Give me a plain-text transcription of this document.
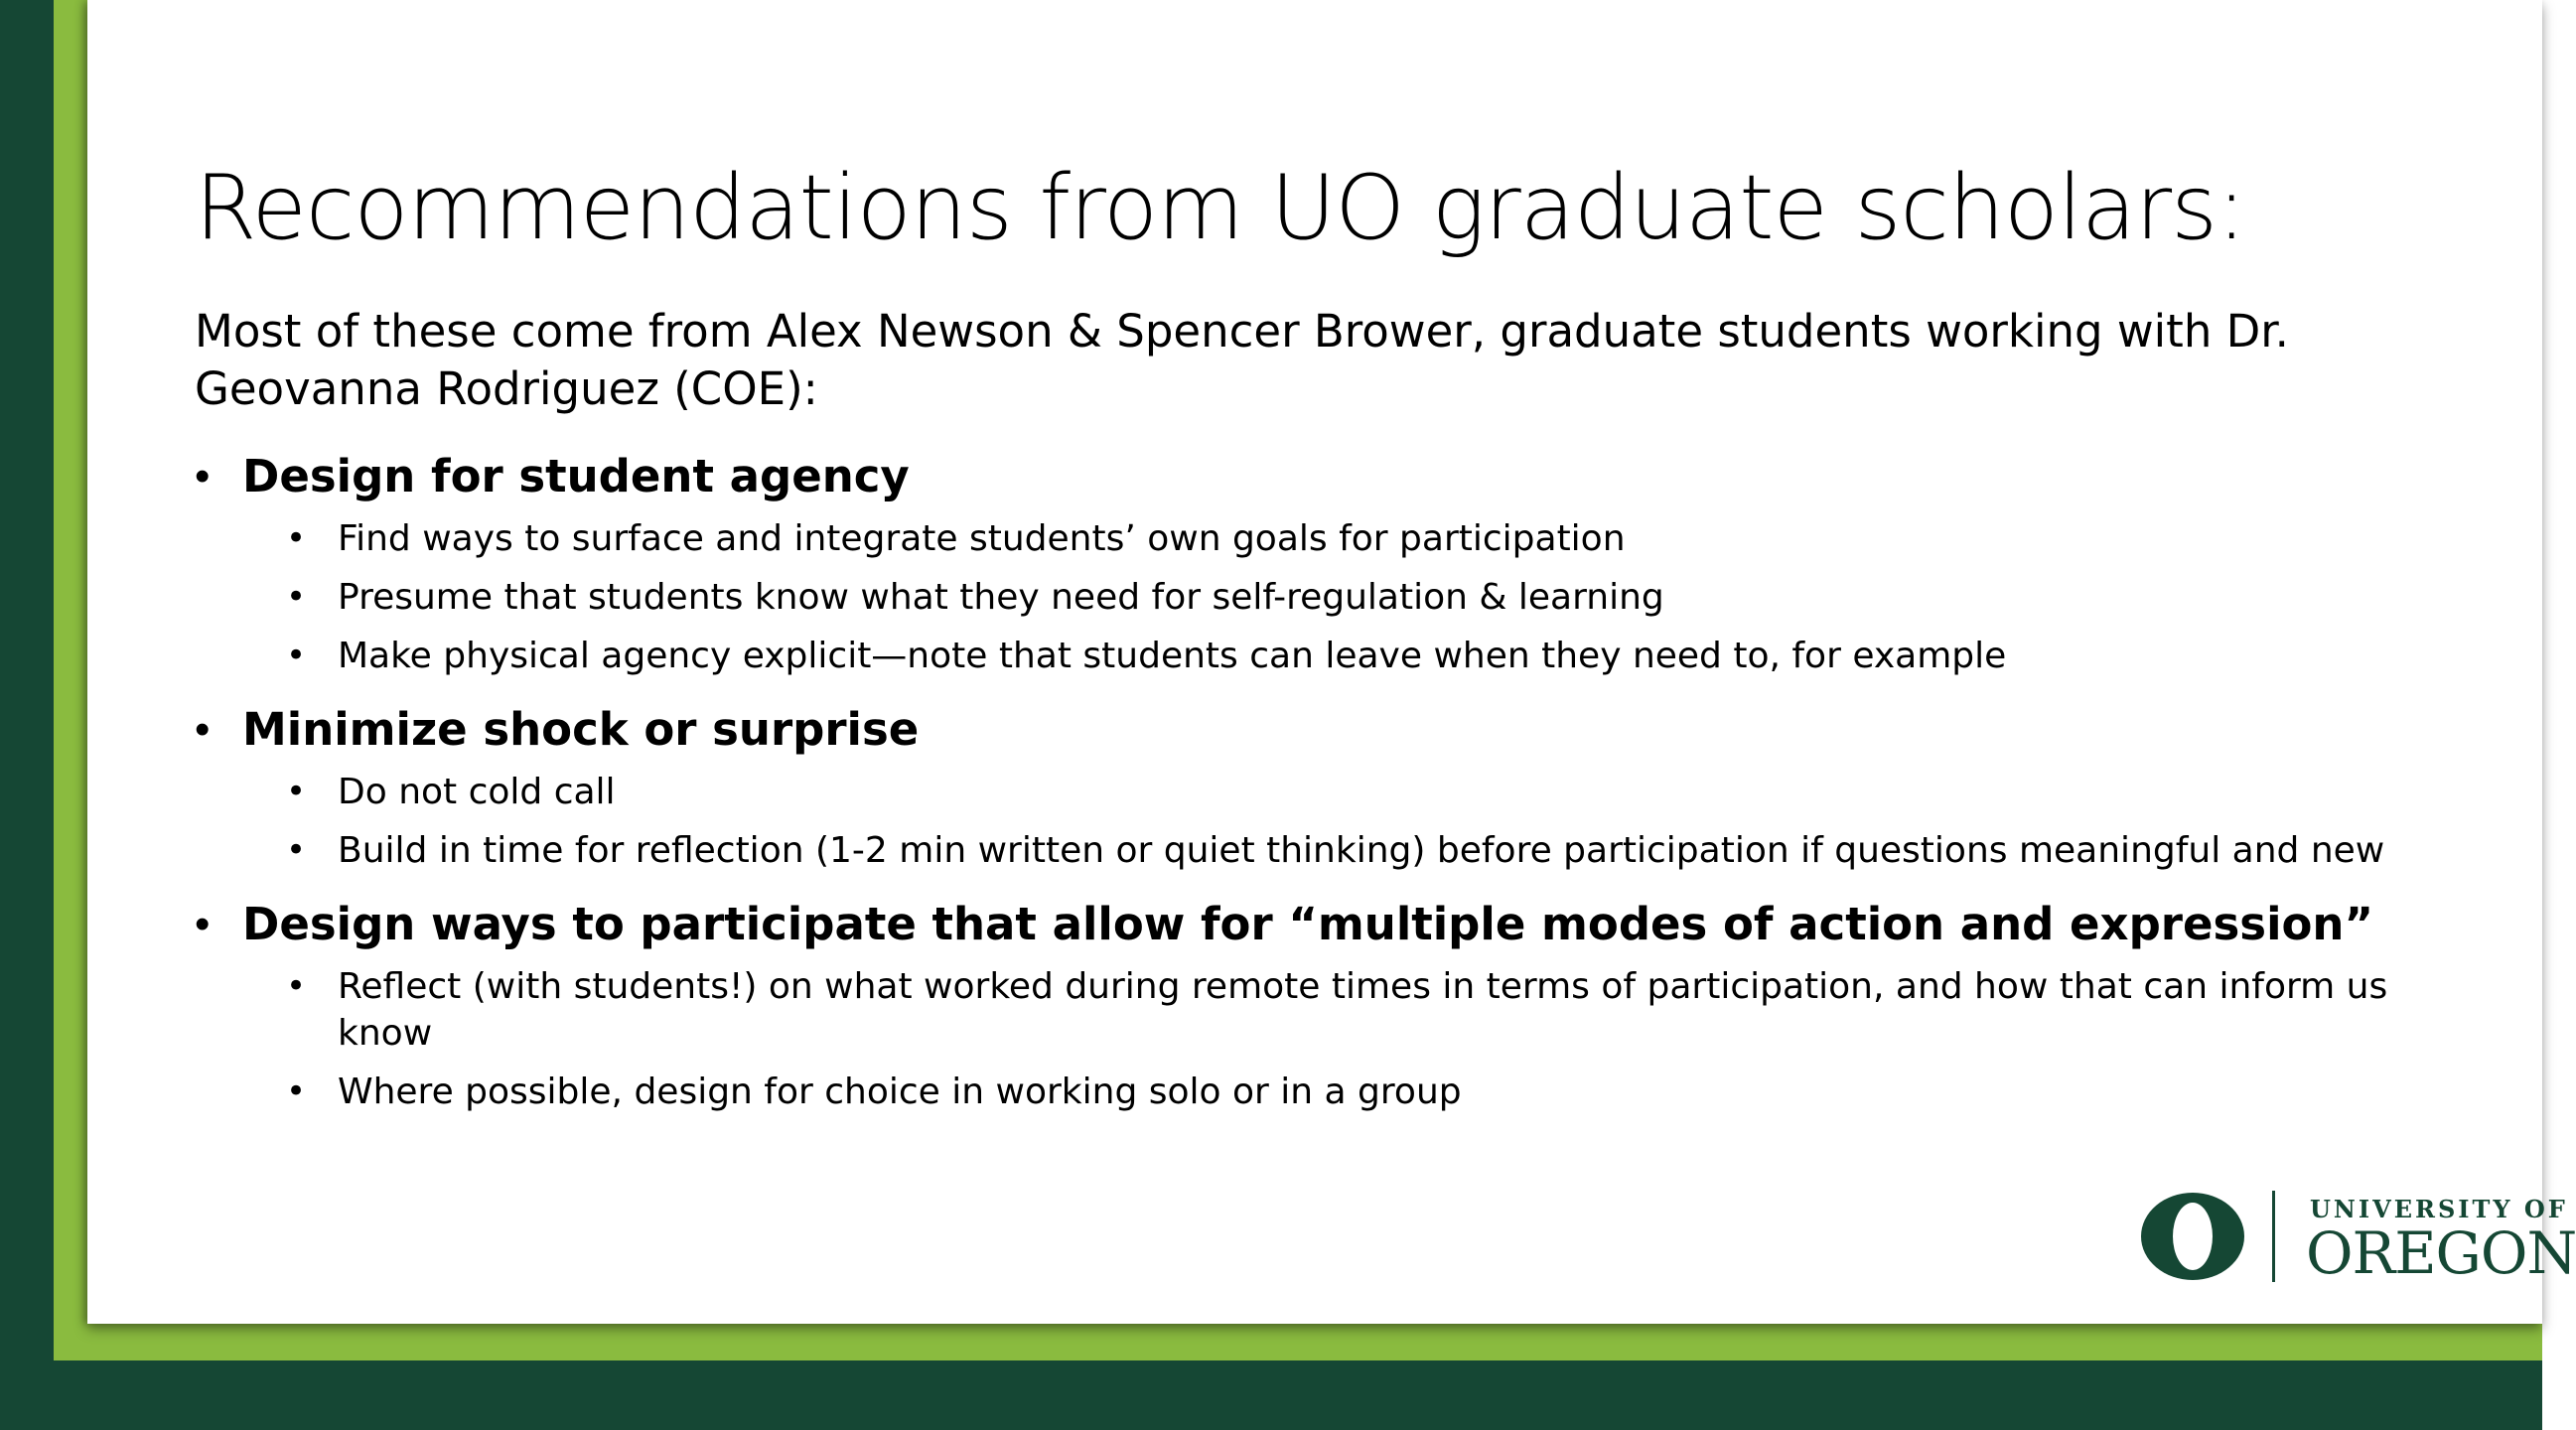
Recommendations from UO graduate scholars:

Most of these come from Alex Newson & Spencer Brower, graduate students working with Dr. Geovanna Rodriguez (COE):

• Design for student agency
• Find ways to surface and integrate students’ own goals for participation
• Presume that students know what they need for self-regulation & learning
• Make physical agency explicit—note that students can leave when they need to, for example
• Minimize shock or surprise
• Do not cold call
• Build in time for reflection (1-2 min written or quiet thinking) before participation if questions meaningful and new
• Design ways to participate that allow for “multiple modes of action and expression”
• Reflect (with students!) on what worked during remote times in terms of participation, and how that can inform us know
• Where possible, design for choice in working solo or in a group
UNIVERSITY OF
OREGON
